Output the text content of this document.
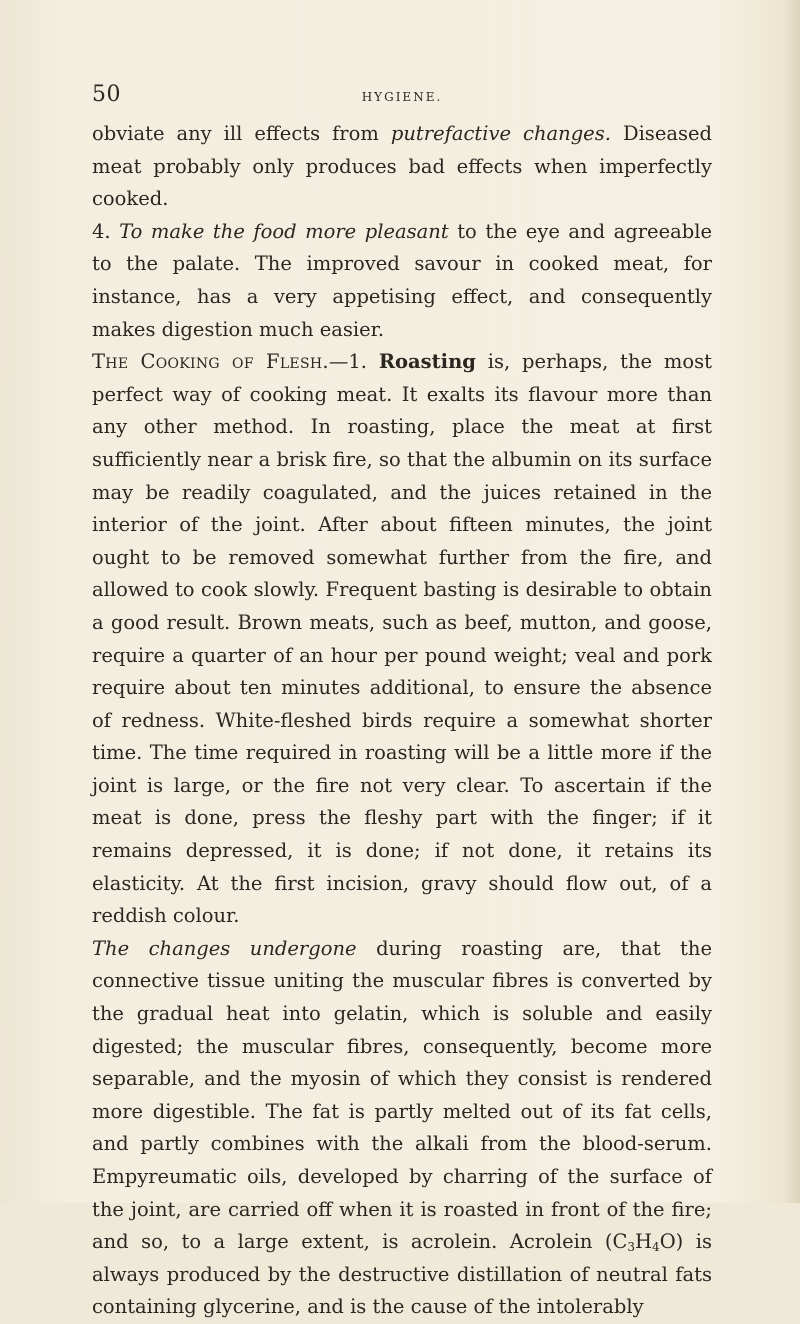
50	HYGIENE.

obviate any ill effects from putrefactive changes. Diseased meat probably only produces bad effects when imperfectly cooked.

4. To make the food more pleasant to the eye and agreeable to the palate. The improved savour in cooked meat, for instance, has a very appetising effect, and consequently makes digestion much easier.

The Cooking of Flesh.—1. Roasting is, perhaps, the most perfect way of cooking meat. It exalts its flavour more than any other method. In roasting, place the meat at first sufficiently near a brisk fire, so that the albumin on its surface may be readily coagulated, and the juices retained in the interior of the joint. After about fifteen minutes, the joint ought to be removed somewhat further from the fire, and allowed to cook slowly. Frequent basting is desirable to obtain a good result. Brown meats, such as beef, mutton, and goose, require a quarter of an hour per pound weight; veal and pork require about ten minutes additional, to ensure the absence of redness. White-fleshed birds require a somewhat shorter time. The time required in roasting will be a little more if the joint is large, or the fire not very clear. To ascertain if the meat is done, press the fleshy part with the finger; if it remains depressed, it is done; if not done, it retains its elasticity. At the first incision, gravy should flow out, of a reddish colour.

The changes undergone during roasting are, that the connective tissue uniting the muscular fibres is converted by the gradual heat into gelatin, which is soluble and easily digested; the muscular fibres, consequently, become more separable, and the myosin of which they consist is rendered more digestible. The fat is partly melted out of its fat cells, and partly combines with the alkali from the blood-serum. Empyreumatic oils, developed by charring of the surface of the joint, are carried off when it is roasted in front of the fire; and so, to a large extent, is acrolein. Acrolein $(C_3H_4O)$ is always produced by the destructive distillation of neutral fats containing glycerine, and is the cause of the intolerably
